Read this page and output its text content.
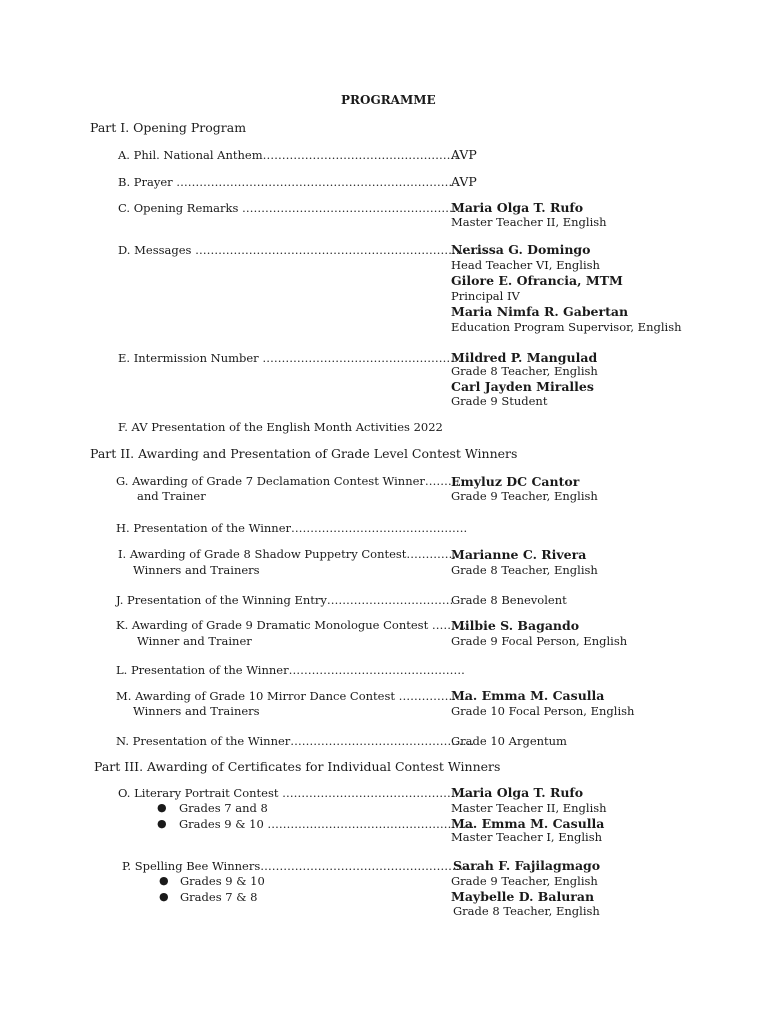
PROGRAMME
Part I. Opening Program
A. Phil. National Anthem……………………………………………
AVP
B. Prayer ………………………………………………………………
AVP
C. Opening Remarks ……………………………………………………
Maria Olga T. Rufo
Master Teacher II, English
D. Messages ………………………………………………………………….
Nerissa G. Domingo
Head Teacher VI, English
Gilore E. Ofrancia, MTM
Principal IV
Maria Nimfa R. Gabertan
Education Program Supervisor, English
E. Intermission Number …………………………………………….
Mildred P. Mangulad
Grade 8 Teacher, English
Carl Jayden Miralles
Grade 9 Student
F. AV Presentation of the English Month Activities 2022
Part II. Awarding and Presentation of Grade Level Contest Winners
G. Awarding of Grade 7 Declamation Contest Winner………
and Trainer
Emyluz DC Cantor
Grade 9 Teacher, English
H. Presentation of the Winner……………………………………….
I. Awarding of Grade 8 Shadow Puppetry Contest…………..
Winners and Trainers
Marianne C. Rivera
Grade 8 Teacher, English
J. Presentation of the Winning Entry……………………………
Grade 8 Benevolent
K. Awarding of Grade 9 Dramatic Monologue Contest ………
Winner and Trainer
Milbie S. Bagando
Grade 9 Focal Person, English
L. Presentation of the Winner……………………………………….
M. Awarding of Grade 10 Mirror Dance Contest ………………
Winners and Trainers
Ma. Emma M. Casulla
Grade 10 Focal Person, English
N. Presentation of the Winner…………………………………………
Grade 10 Argentum
Part III. Awarding of Certificates for Individual Contest Winners
O. Literary Portrait Contest ……………………………………………
Maria Olga T. Rufo
Master Teacher II, English
● Grades 7 and 8
● Grades 9 & 10 ………………………………………………
Ma. Emma M. Casulla
Master Teacher I, English
P. Spelling Bee Winners…………………………………………………
Sarah F. Fajilagmago
Grade 9 Teacher, English
● Grades 9 & 10
● Grades 7 & 8	Maybelle D. Baluran
Grade 8 Teacher, English
